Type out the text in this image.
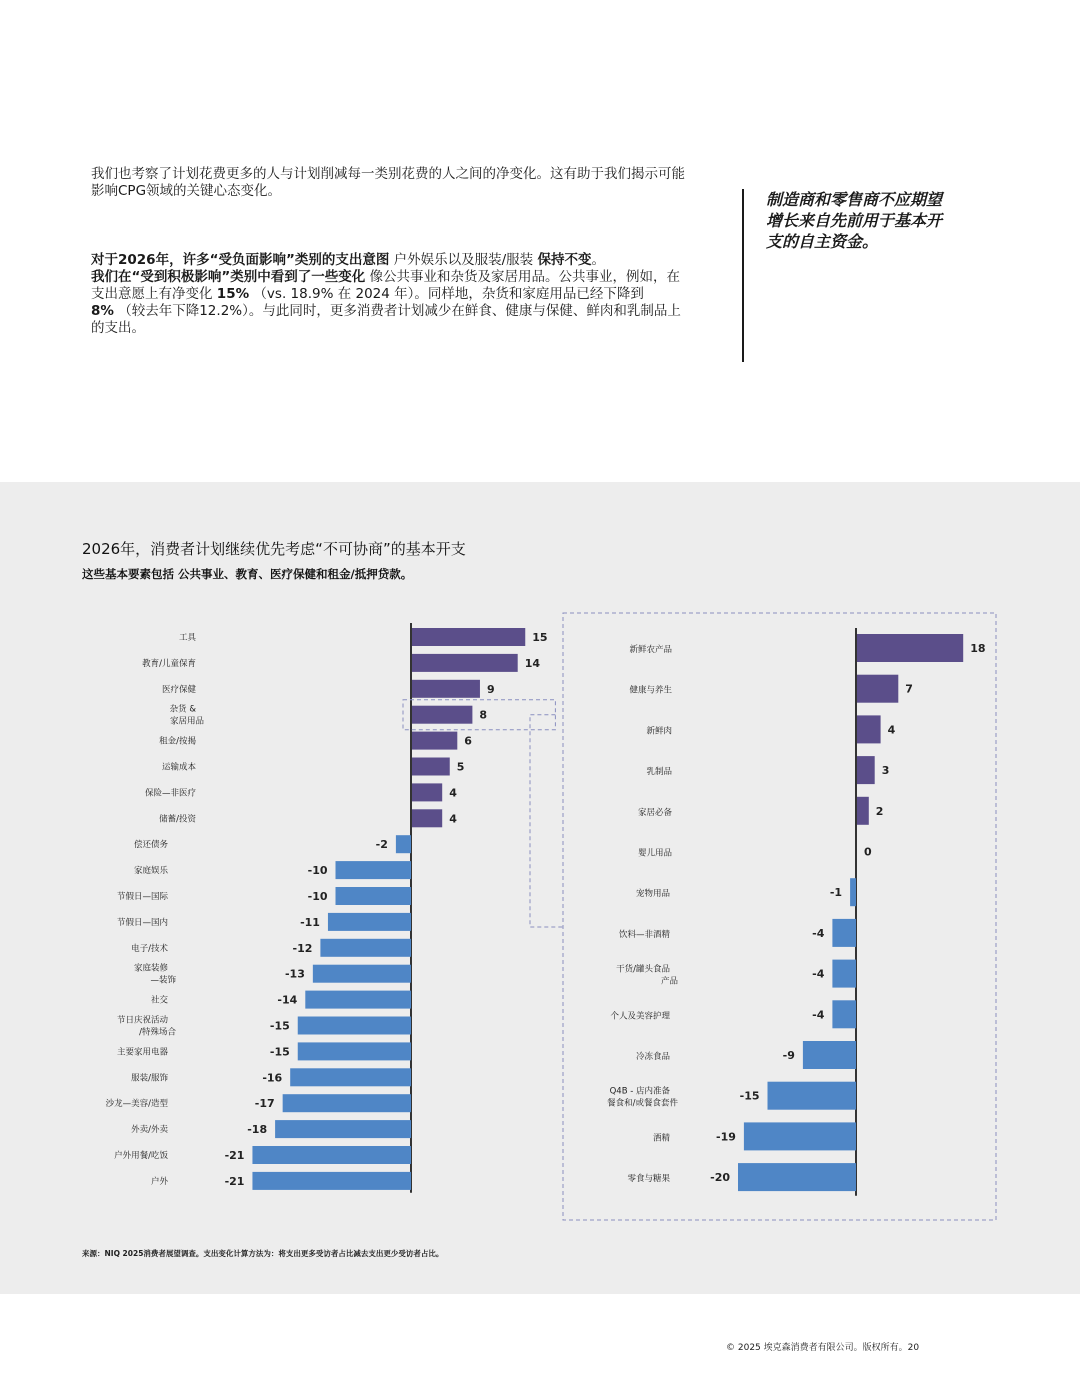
我们也考察了计划花费更多的人与计划削减每一类别花费的人之间的净变化。这有助于我们揭示可能影响CPG领域的关键心态变化。

对于2026年，许多“受负面影响”类别的支出意图 户外娱乐以及服装/服装 保持不变。
我们在“受到积极影响”类别中看到了一些变化 像公共事业和杂货及家居用品。公共事业，例如，在支出意愿上有净变化 15% （vs. 18.9% 在 2024 年）。同样地，杂货和家庭用品已经下降到
8% （较去年下降12.2%）。与此同时，更多消费者计划减少在鲜食、健康与保健、鲜肉和乳制品上的支出。

制造商和零售商不应期望增长来自先前用于基本开支的自主资金。
2026年，消费者计划继续优先考虑“不可协商”的基本开支
这些基本要素包括 公共事业、教育、医疗保健和租金/抵押贷款。
15
工具
14
教育/儿童保育
9
医疗保健
8
杂货 &家居用品
6
租金/按揭
5
运输成本
4
保险—非医疗
4
储蓄/投资
-2
偿还债务
-10
家庭娱乐
-10
节假日—国际
-11
节假日—国内
-12
电子/技术
-13
家庭装修—装饰
-14
社交
-15
节日庆祝活动/特殊场合
-15
主要家用电器
-16
服装/服饰
-17
沙龙—美容/造型
-18
外卖/外卖
-21
户外用餐/吃饭
-21
户外
18
新鲜农产品
7
健康与养生
4
新鲜肉
3
乳制品
2
家居必备
0
婴儿用品
-1
宠物用品
-4
饮料—非酒精
-4
干货/罐头食品产品
-4
个人及美容护理
-9
冷冻食品
-15
Q4B - 店内准备餐食和/或餐食套件
-19
酒精
-20
零食与糖果
来源：NIQ 2025消费者展望调查。支出变化计算方法为：将支出更多受访者占比减去支出更少受访者占比。
© 2025 埃克森消费者有限公司。版权所有。20
